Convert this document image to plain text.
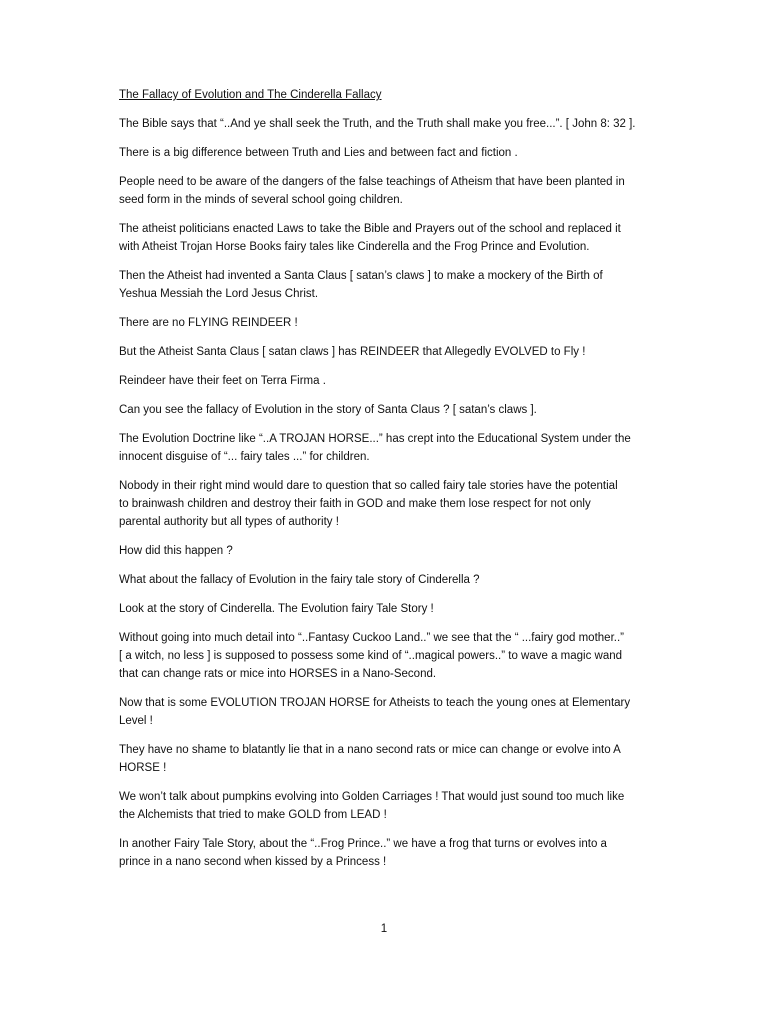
The Fallacy of Evolution and The Cinderella Fallacy
The Bible says that “..And ye shall seek the Truth, and the Truth shall make you free...”. [ John 8: 32 ].
There is a big difference between Truth and Lies and between fact and fiction .
People need to be aware of the dangers of the false teachings of Atheism that have been planted in
seed form in the minds of several school going children.
The atheist politicians enacted Laws to take the Bible and Prayers out of the school and replaced it
with Atheist Trojan Horse Books fairy tales like Cinderella and the Frog Prince and Evolution.
Then the Atheist had invented a Santa Claus [ satan’s claws ] to make a mockery of the Birth of
Yeshua Messiah the Lord Jesus Christ.
There are no FLYING REINDEER !
But the Atheist Santa Claus [ satan claws ] has REINDEER that Allegedly EVOLVED to Fly !
Reindeer have their feet on Terra Firma .
Can you see the fallacy of Evolution in the story of Santa Claus ? [ satan’s claws ].
The Evolution Doctrine like “..A TROJAN HORSE...” has crept into the Educational System under the
innocent disguise of “... fairy tales ...” for children.
Nobody in their right mind would dare to question that so called fairy tale stories have the potential
to brainwash children and destroy their faith in GOD and make them lose respect for not only
parental authority but all types of authority !
How did this happen ?
What about the fallacy of Evolution in the fairy tale story of Cinderella ?
Look at the story of Cinderella. The Evolution fairy Tale Story !
Without going into much detail into “..Fantasy Cuckoo Land..” we see that the “ ...fairy god mother..”
[ a witch, no less ] is supposed to possess some kind of “..magical powers..” to wave a magic wand
that can change rats or mice into HORSES in a Nano-Second.
Now that is some EVOLUTION TROJAN HORSE for Atheists to teach the young ones at Elementary
Level !
They have no shame to blatantly lie that in a nano second rats or mice can change or evolve into A
HORSE !
We won’t talk about pumpkins evolving into Golden Carriages ! That would just sound too much like
the Alchemists that tried to make GOLD from LEAD !
In another Fairy Tale Story, about the “..Frog Prince..” we have a frog that turns or evolves into a
prince in a nano second when kissed by a Princess !
1
